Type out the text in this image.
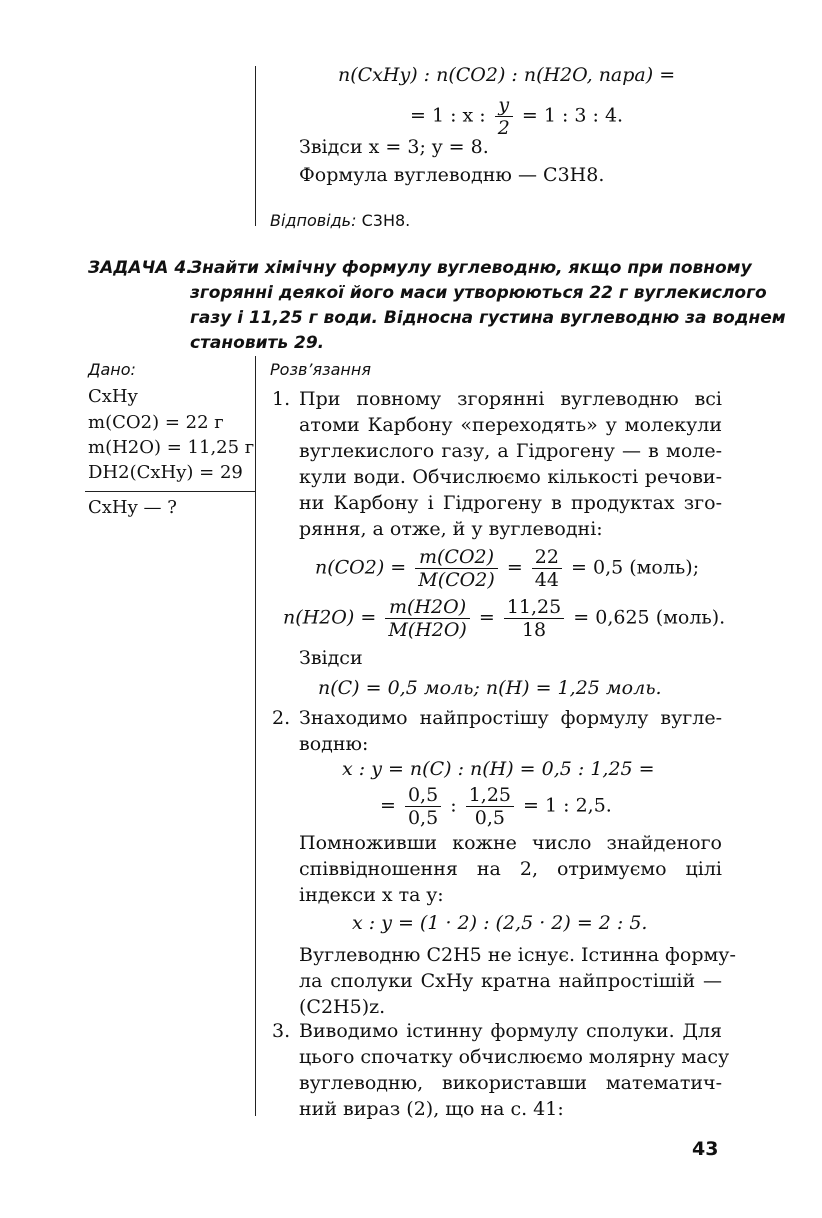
n(CxHy) : n(CO2) : n(H2O, пара) =
= 1 : x : $\frac{y}{2} = 1$ : 3 : 4.
Звідси x = 3; y = 8.
Формула вуглеводню — C3H8.
Відповідь: C3H8.
ЗАДАЧА 4.
Знайти хімічну формулу вуглеводню, якщо при повному
згорянні деякої його маси утворюються 22 г вуглекислого
газу і 11,25 г води. Відносна густина вуглеводню за воднем
становить 29.
Дано:
CxHy
m(CO2) = 22 г
m(H2O) = 11,25 г
DH2(CxHy) = 29
CxHy — ?
Розв’язання
1. При повному згорянні вуглеводню всі
атоми Карбону «переходять» у молекули
вуглекислого газу, а Гідрогену — в моле-
кули води. Обчислюємо кількості речови-
ни Карбону і Гідрогену в продуктах зго-
ряння, а отже, й у вуглеводні:
$n(CO2) = \frac{m(CO2)}{M(CO2)} = \frac{22}{44} = 0,5$ (моль);
$n(H2O) = \frac{m(H2O)}{M(H2O)} = \frac{11,25}{18} = 0,625$ (моль).
Звідси
n(C) = 0,5 моль; n(H) = 1,25 моль.
2. Знаходимо найпростішу формулу вугле-
водню:
x : y = n(C) : n(H) = 0,5 : 1,25 =
= $\frac{0,5}{0,5}$ : $\frac{1,25}{0,5} = 1$ : 2,5.
Помноживши кожне число знайденого
співвідношення на 2, отримуємо цілі
індекси x та y:
x : y = (1 · 2) : (2,5 · 2) = 2 : 5.
Вуглеводню C2H5 не існує. Істинна форму-
ла сполуки CxHy кратна найпростішій —
(C2H5)z.
3. Виводимо істинну формулу сполуки. Для
цього спочатку обчислюємо молярну масу
вуглеводню, використавши математич-
ний вираз (2), що на с. 41:
43
